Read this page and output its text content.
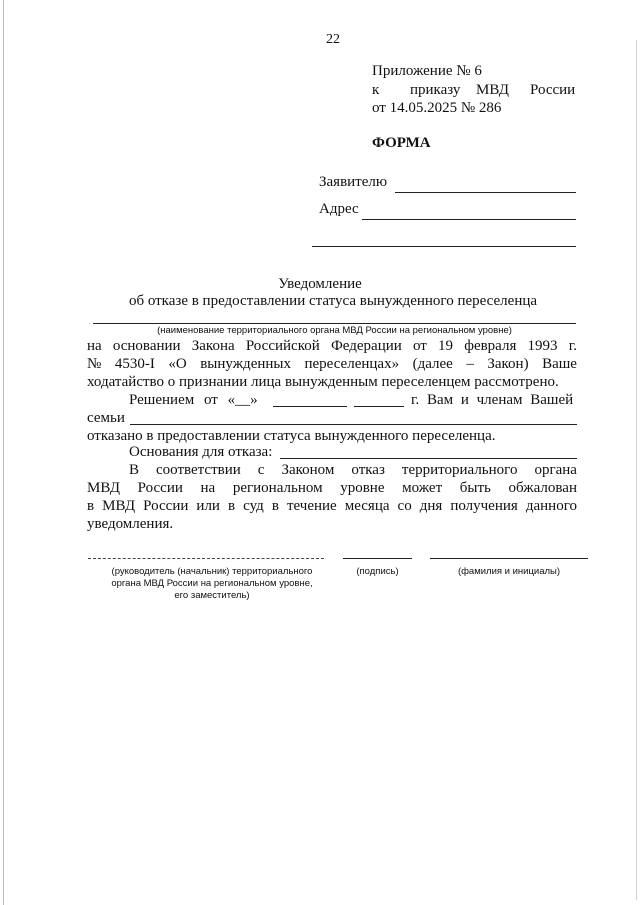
22
Приложение № 6
к приказу МВД России
от 14.05.2025 № 286
ФОРМА
Заявителю
Адрес
Уведомление
об отказе в предоставлении статуса вынужденного переселенца
(наименование территориального органа МВД России на региональном уровне)
на основании Закона Российской Федерации от 19 февраля 1993 г.
№ 4530-I «О вынужденных переселенцах» (далее – Закон) Ваше
ходатайство о признании лица вынужденным переселенцем рассмотрено.
Решением от «__»	г. Вам и членам Вашей
семьи
отказано в предоставлении статуса вынужденного переселенца.
Основания для отказа:
В соответствии с Законом отказ территориального органа
МВД России на региональном уровне может быть обжалован
в МВД России или в суд в течение месяца со дня получения данного
уведомления.
(руководитель (начальник) территориального органа МВД России на региональном уровне, его заместитель)
(подпись)	(фамилия и инициалы)
